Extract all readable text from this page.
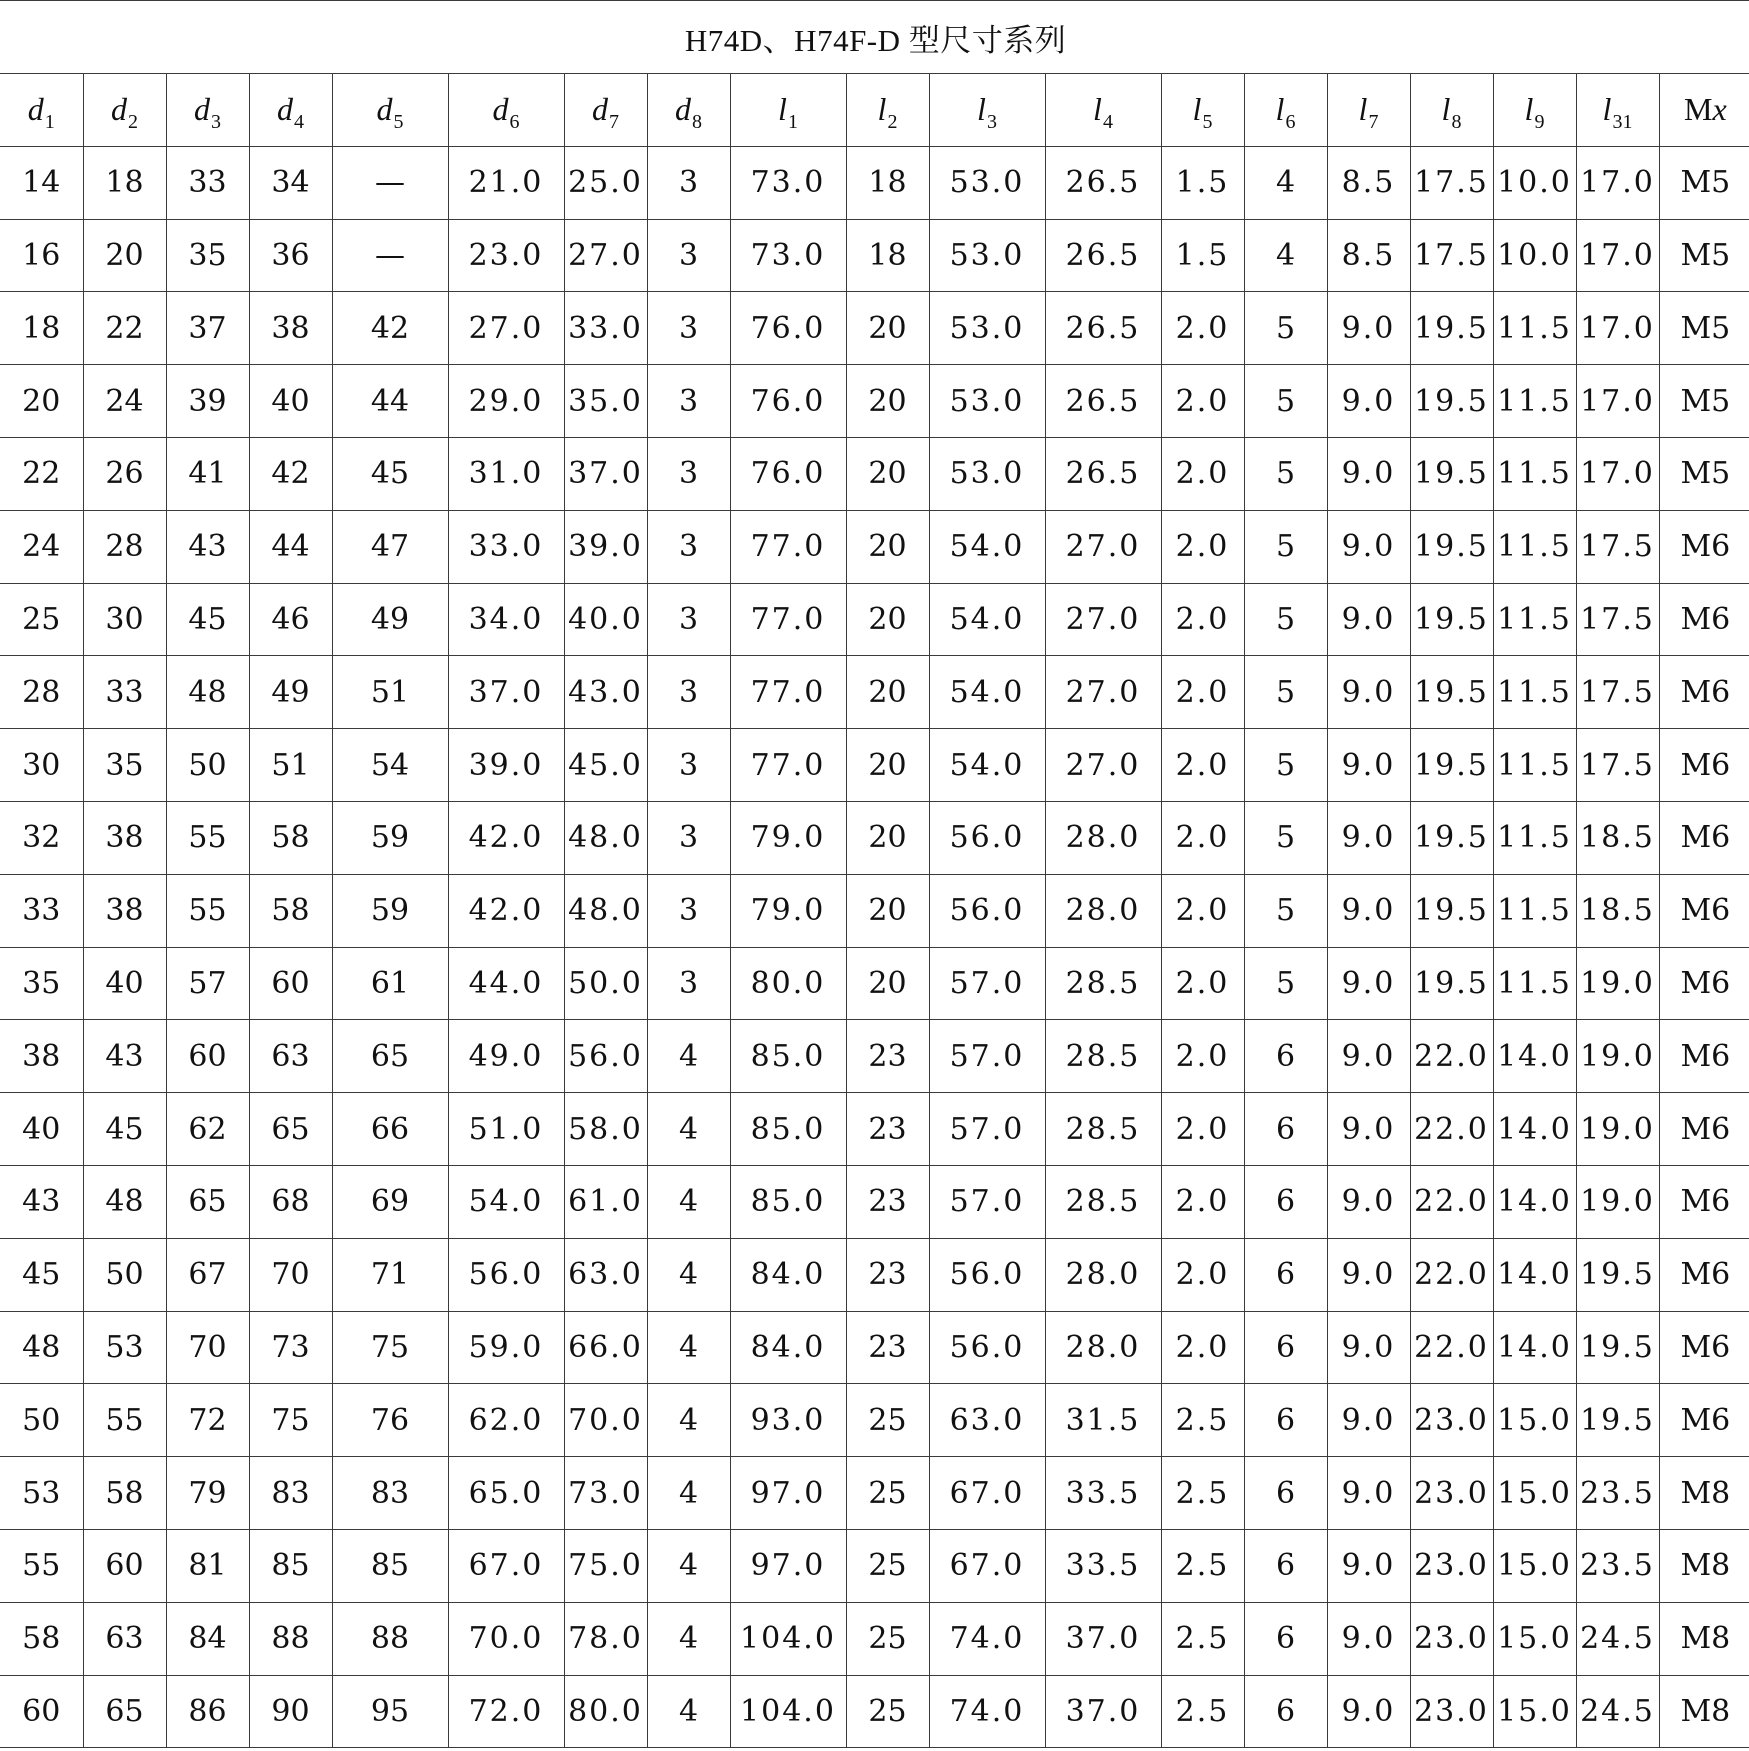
H74D、H74F-D 型尺寸系列																		
$d_1$	$d_2$	$d_3$	$d_4$	$d_5$	$d_6$	$d_7$	$d_8$	$l_1$	$l_2$	$l_3$	$l_4$	$l_5$	$l_6$	$l_7$	$l_8$	$l_9$	$l_{31}$	Mx
14	18	33	34	—	21.0	25.0	3	73.0	18	53.0	26.5	1.5	4	8.5	17.5	10.0	17.0	M5
16	20	35	36	—	23.0	27.0	3	73.0	18	53.0	26.5	1.5	4	8.5	17.5	10.0	17.0	M5
18	22	37	38	42	27.0	33.0	3	76.0	20	53.0	26.5	2.0	5	9.0	19.5	11.5	17.0	M5
20	24	39	40	44	29.0	35.0	3	76.0	20	53.0	26.5	2.0	5	9.0	19.5	11.5	17.0	M5
22	26	41	42	45	31.0	37.0	3	76.0	20	53.0	26.5	2.0	5	9.0	19.5	11.5	17.0	M5
24	28	43	44	47	33.0	39.0	3	77.0	20	54.0	27.0	2.0	5	9.0	19.5	11.5	17.5	M6
25	30	45	46	49	34.0	40.0	3	77.0	20	54.0	27.0	2.0	5	9.0	19.5	11.5	17.5	M6
28	33	48	49	51	37.0	43.0	3	77.0	20	54.0	27.0	2.0	5	9.0	19.5	11.5	17.5	M6
30	35	50	51	54	39.0	45.0	3	77.0	20	54.0	27.0	2.0	5	9.0	19.5	11.5	17.5	M6
32	38	55	58	59	42.0	48.0	3	79.0	20	56.0	28.0	2.0	5	9.0	19.5	11.5	18.5	M6
33	38	55	58	59	42.0	48.0	3	79.0	20	56.0	28.0	2.0	5	9.0	19.5	11.5	18.5	M6
35	40	57	60	61	44.0	50.0	3	80.0	20	57.0	28.5	2.0	5	9.0	19.5	11.5	19.0	M6
38	43	60	63	65	49.0	56.0	4	85.0	23	57.0	28.5	2.0	6	9.0	22.0	14.0	19.0	M6
40	45	62	65	66	51.0	58.0	4	85.0	23	57.0	28.5	2.0	6	9.0	22.0	14.0	19.0	M6
43	48	65	68	69	54.0	61.0	4	85.0	23	57.0	28.5	2.0	6	9.0	22.0	14.0	19.0	M6
45	50	67	70	71	56.0	63.0	4	84.0	23	56.0	28.0	2.0	6	9.0	22.0	14.0	19.5	M6
48	53	70	73	75	59.0	66.0	4	84.0	23	56.0	28.0	2.0	6	9.0	22.0	14.0	19.5	M6
50	55	72	75	76	62.0	70.0	4	93.0	25	63.0	31.5	2.5	6	9.0	23.0	15.0	19.5	M6
53	58	79	83	83	65.0	73.0	4	97.0	25	67.0	33.5	2.5	6	9.0	23.0	15.0	23.5	M8
55	60	81	85	85	67.0	75.0	4	97.0	25	67.0	33.5	2.5	6	9.0	23.0	15.0	23.5	M8
58	63	84	88	88	70.0	78.0	4	104.0	25	74.0	37.0	2.5	6	9.0	23.0	15.0	24.5	M8
60	65	86	90	95	72.0	80.0	4	104.0	25	74.0	37.0	2.5	6	9.0	23.0	15.0	24.5	M8
